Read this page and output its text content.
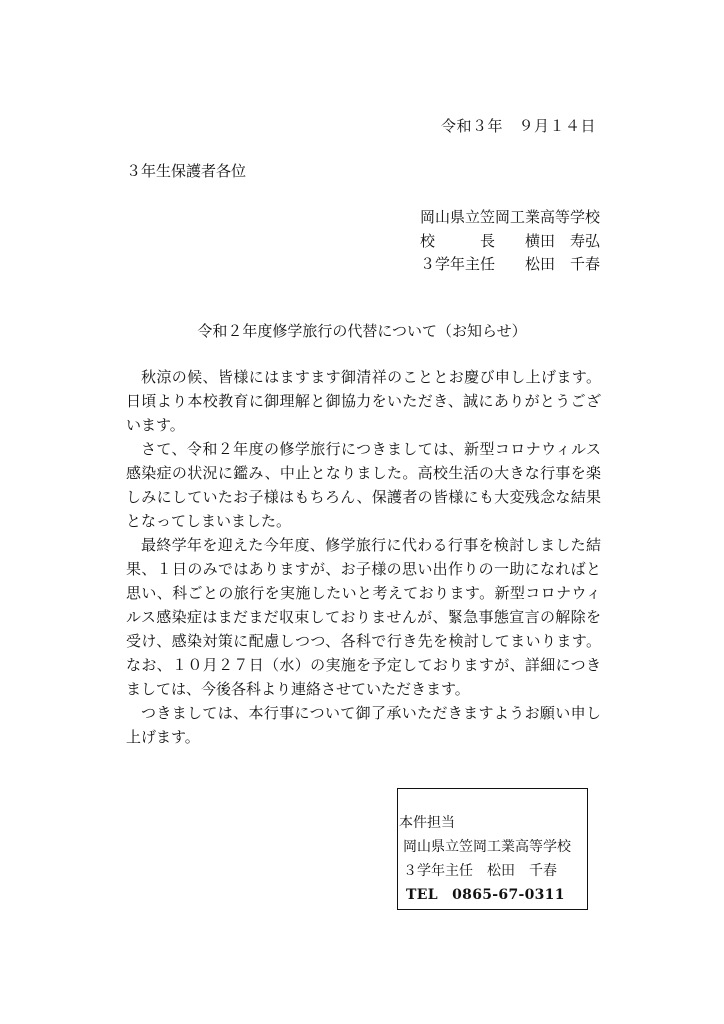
令和３年　９月１４日
３年生保護者各位
岡山県立笠岡工業高等学校
校　　　長　　横田　寿弘
３学年主任　　松田　千春
令和２年度修学旅行の代替について（お知らせ）

秋涼の候、皆様にはますます御清祥のこととお慶び申し上げます。日頃より本校教育に御理解と御協力をいただき、誠にありがとうございます。

さて、令和２年度の修学旅行につきましては、新型コロナウィルス感染症の状況に鑑み、中止となりました。高校生活の大きな行事を楽しみにしていたお子様はもちろん、保護者の皆様にも大変残念な結果となってしまいました。

最終学年を迎えた今年度、修学旅行に代わる行事を検討しました結果、１日のみではありますが、お子様の思い出作りの一助になればと思い、科ごとの旅行を実施したいと考えております。新型コロナウィルス感染症はまだまだ収束しておりませんが、緊急事態宣言の解除を受け、感染対策に配慮しつつ、各科で行き先を検討してまいります。なお、１０月２７日（水）の実施を予定しておりますが、詳細につきましては、今後各科より連絡させていただきます。

つきましては、本行事について御了承いただきますようお願い申し上げます。

本件担当
岡山県立笠岡工業高等学校
３学年主任　松田　千春
TEL　0865-67-0311
